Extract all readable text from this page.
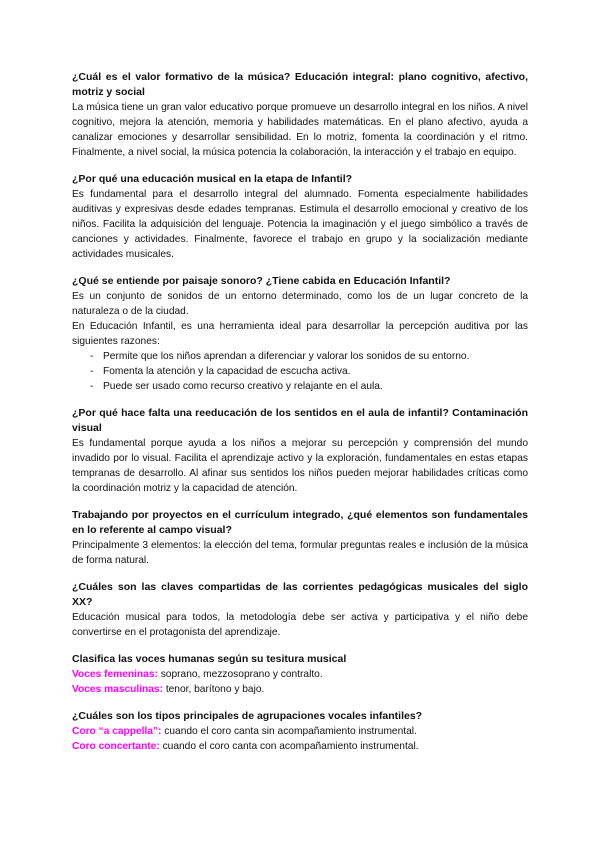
¿Cuál es el valor formativo de la música? Educación integral: plano cognitivo, afectivo, motriz y social

La música tiene un gran valor educativo porque promueve un desarrollo integral en los niños. A nivel cognitivo, mejora la atención, memoria y habilidades matemáticas. En el plano afectivo, ayuda a canalizar emociones y desarrollar sensibilidad. En lo motriz, fomenta la coordinación y el ritmo. Finalmente, a nivel social, la música potencia la colaboración, la interacción y el trabajo en equipo.

¿Por qué una educación musical en la etapa de Infantil?

Es fundamental para el desarrollo integral del alumnado. Fomenta especialmente habilidades auditivas y expresivas desde edades tempranas. Estimula el desarrollo emocional y creativo de los niños. Facilita la adquisición del lenguaje. Potencia la imaginación y el juego simbólico a través de canciones y actividades. Finalmente, favorece el trabajo en grupo y la socialización mediante actividades musicales.

¿Qué se entiende por paisaje sonoro? ¿Tiene cabida en Educación Infantil?

Es un conjunto de sonidos de un entorno determinado, como los de un lugar concreto de la naturaleza o de la ciudad.

En Educación Infantil, es una herramienta ideal para desarrollar la percepción auditiva por las siguientes razones:

- Permite que los niños aprendan a diferenciar y valorar los sonidos de su entorno.
- Fomenta la atención y la capacidad de escucha activa.
- Puede ser usado como recurso creativo y relajante en el aula.
¿Por qué hace falta una reeducación de los sentidos en el aula de infantil? Contaminación visual

Es fundamental porque ayuda a los niños a mejorar su percepción y comprensión del mundo invadido por lo visual. Facilita el aprendizaje activo y la exploración, fundamentales en estas etapas tempranas de desarrollo. Al afinar sus sentidos los niños pueden mejorar habilidades críticas como la coordinación motriz y la capacidad de atención.

Trabajando por proyectos en el currículum integrado, ¿qué elementos son fundamentales en lo referente al campo visual?

Principalmente 3 elementos: la elección del tema, formular preguntas reales e inclusión de la música de forma natural.

¿Cuáles son las claves compartidas de las corrientes pedagógicas musicales del siglo XX?

Educación musical para todos, la metodología debe ser activa y participativa y el niño debe convertirse en el protagonista del aprendizaje.

Clasifica las voces humanas según su tesitura musical

Voces femeninas: soprano, mezzosoprano y contralto.

Voces masculinas: tenor, barítono y bajo.

¿Cuáles son los tipos principales de agrupaciones vocales infantiles?

Coro “a cappella”: cuando el coro canta sin acompañamiento instrumental.

Coro concertante: cuando el coro canta con acompañamiento instrumental.
